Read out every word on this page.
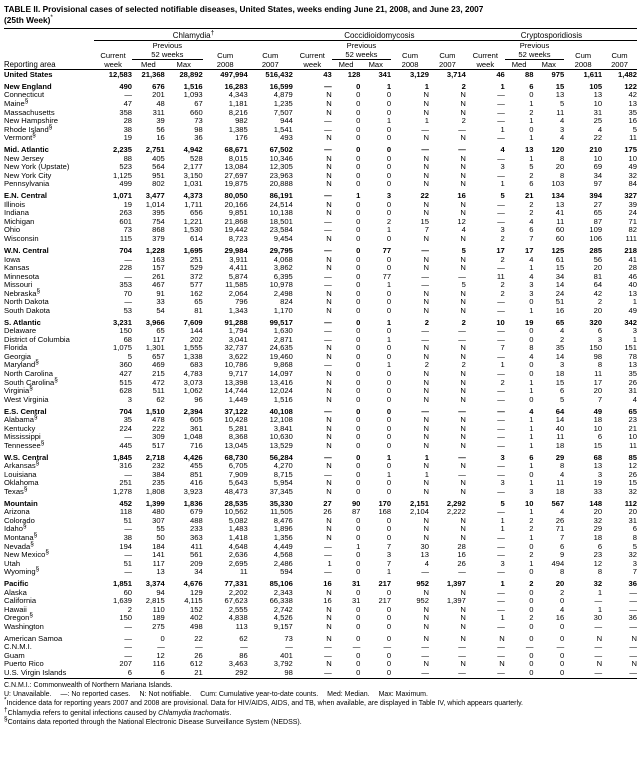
TABLE II. Provisional cases of selected notifiable diseases, United States, weeks ending June 21, 2008, and June 23, 2007
(25th Week)*

	Chlamydia†					Coccidioidomycosis					Cryptosporidiosis				
		Previous					Previous					Previous			
	Current	52 weeks		Cum	Cum	Current	52 weeks		Cum	Cum	Current	52 weeks		Cum	Cum
Reporting area	week	Med	Max	2008	2007	week	Med	Max	2008	2007	week	Med	Max	2008	2007

United States	12,583	21,368	28,892	497,994	516,432	43	128	341	3,129	3,714	46	88	975	1,611	1,482
New England	490	676	1,516	16,283	16,599	—	0	1	1	2	1	6	15	105	122
Connecticut	—	201	1,093	4,343	4,879	N	0	0	N	N	—	0	13	13	42
Maine§	47	48	67	1,181	1,235	N	0	0	N	N	—	1	5	10	13
Massachusetts	358	311	660	8,216	7,507	N	0	0	N	N	—	2	11	31	35
New Hampshire	28	39	73	982	944	—	0	1	1	2	—	1	4	25	16
Rhode Island§	38	56	98	1,385	1,541	—	0	0	—	—	1	0	3	4	5
Vermont§	19	16	36	176	493	N	0	0	N	N	—	1	4	22	11
Mid. Atlantic	2,235	2,751	4,942	68,671	67,502	—	0	0	—	—	4	13	120	210	175
New Jersey	88	405	528	8,015	10,346	N	0	0	N	N	—	1	8	10	10
New York (Upstate)	523	564	2,177	13,084	12,305	N	0	0	N	N	3	5	20	69	49
New York City	1,125	951	3,150	27,697	23,963	N	0	0	N	N	—	2	8	34	32
Pennsylvania	499	802	1,031	19,875	20,888	N	0	0	N	N	1	6	103	97	84
E.N. Central	1,071	3,477	4,373	80,050	86,191	—	1	3	22	16	5	21	134	394	327
Illinois	19	1,014	1,711	20,166	24,514	N	0	0	N	N	—	2	13	27	39
Indiana	263	395	656	9,851	10,138	N	0	0	N	N	—	2	41	65	24
Michigan	601	754	1,221	21,868	18,501	—	0	2	15	12	—	4	11	87	71
Ohio	73	868	1,530	19,442	23,584	—	0	1	7	4	3	6	60	109	82
Wisconsin	115	379	614	8,723	9,454	N	0	0	N	N	2	7	60	106	111
W.N. Central	704	1,228	1,695	29,984	29,795	—	0	77	—	5	17	17	125	285	218
Iowa	—	163	251	3,911	4,068	N	0	0	N	N	2	4	61	56	41
Kansas	228	157	529	4,411	3,862	N	0	0	N	N	—	1	15	20	28
Minnesota	—	261	372	5,874	6,395	—	0	77	—	—	11	4	34	81	46
Missouri	353	467	577	11,585	10,978	—	0	1	—	5	2	3	14	64	40
Nebraska§	70	91	162	2,064	2,498	N	0	0	N	N	2	3	24	42	13
North Dakota	—	33	65	796	824	N	0	0	N	N	—	0	51	2	1
South Dakota	53	54	81	1,343	1,170	N	0	0	N	N	—	1	16	20	49
S. Atlantic	3,231	3,966	7,609	91,288	99,517	—	0	1	2	2	10	19	65	320	342
Delaware	150	65	144	1,794	1,630	—	0	0	—	—	—	0	4	6	3
District of Columbia	68	117	202	3,041	2,871	—	0	1	—	—	—	0	2	3	1
Florida	1,075	1,301	1,555	32,737	24,635	N	0	0	N	N	7	8	35	150	151
Georgia	5	657	1,338	3,622	19,460	N	0	0	N	N	—	4	14	98	78
Maryland§	360	469	683	10,786	9,868	—	0	1	2	2	1	0	3	8	13
North Carolina	427	215	4,783	9,717	14,097	N	0	0	N	N	—	0	18	11	35
South Carolina§	515	472	3,073	13,398	13,416	N	0	0	N	N	2	1	15	17	26
Virginia§	628	511	1,062	14,744	12,024	N	0	0	N	N	—	1	6	20	31
West Virginia	3	62	96	1,449	1,516	N	0	0	N	N	—	0	5	7	4
E.S. Central	704	1,510	2,394	37,122	40,108	—	0	0	—	—	—	4	64	49	65
Alabama§	35	478	605	10,428	12,108	N	0	0	N	N	—	1	14	18	23
Kentucky	224	222	361	5,281	3,841	N	0	0	N	N	—	1	40	10	21
Mississippi	—	309	1,048	8,368	10,630	N	0	0	N	N	—	1	11	6	10
Tennessee§	445	517	716	13,045	13,529	N	0	0	N	N	—	1	18	15	11
W.S. Central	1,845	2,718	4,426	68,730	56,284	—	0	1	1	—	3	6	29	68	85
Arkansas§	316	232	455	6,705	4,270	N	0	0	N	N	—	1	8	13	12
Louisiana	—	384	851	7,909	8,715	—	0	1	1	—	—	0	4	3	26
Oklahoma	251	235	416	5,643	5,954	N	0	0	N	N	3	1	11	19	15
Texas§	1,278	1,808	3,923	48,473	37,345	N	0	0	N	N	—	3	18	33	32
Mountain	452	1,399	1,836	28,535	35,330	27	90	170	2,151	2,292	5	10	567	148	112
Arizona	118	480	679	10,562	11,505	26	87	168	2,104	2,222	—	1	4	20	20
Colorado	51	307	488	5,082	8,476	N	0	0	N	N	1	2	26	32	31
Idaho§	—	55	233	1,483	1,896	N	0	0	N	N	1	2	71	29	6
Montana§	38	50	363	1,418	1,356	N	0	0	N	N	—	1	7	18	8
Nevada§	194	184	411	4,648	4,449	—	1	7	30	28	—	0	6	6	5
New Mexico§	—	141	561	2,636	4,568	—	0	3	13	16	—	2	9	23	32
Utah	51	117	209	2,695	2,486	1	0	7	4	26	3	1	494	12	3
Wyoming§	—	13	34	11	594	—	0	1	—	—	—	0	8	8	7
Pacific	1,851	3,374	4,676	77,331	85,106	16	31	217	952	1,397	1	2	20	32	36
Alaska	60	94	129	2,202	2,343	N	0	0	N	N	—	0	2	1	—
California	1,639	2,815	4,115	67,623	66,338	16	31	217	952	1,397	—	0	0	—	—
Hawaii	2	110	152	2,555	2,742	N	0	0	N	N	—	0	4	1	—
Oregon§	150	189	402	4,838	4,526	N	0	0	N	N	1	2	16	30	36
Washington	—	275	498	113	9,157	N	0	0	N	N	—	0	0	—	—
American Samoa	—	0	22	62	73	N	0	0	N	N	N	0	0	N	N
C.N.M.I.	—	—	—	—	—	—	—	—	—	—	—	—	—	—	—
Guam	—	12	26	86	401	—	0	0	—	—	—	0	0	—	—
Puerto Rico	207	116	612	3,463	3,792	N	0	0	N	N	N	0	0	N	N
U.S. Virgin Islands	6	6	21	292	98	—	0	0	—	—	—	0	0	—	—

C.N.M.I.: Commonwealth of Northern Mariana Islands.
U: Unavailable. —: No reported cases. N: Not notifiable. Cum: Cumulative year-to-date counts. Med: Median. Max: Maximum.
*Incidence data for reporting years 2007 and 2008 are provisional. Data for HIV/AIDS, AIDS, and TB, when available, are displayed in Table IV, which appears quarterly.
†Chlamydia refers to genital infections caused by Chlamydia trachomatis.
§Contains data reported through the National Electronic Disease Surveillance System (NEDSS).
